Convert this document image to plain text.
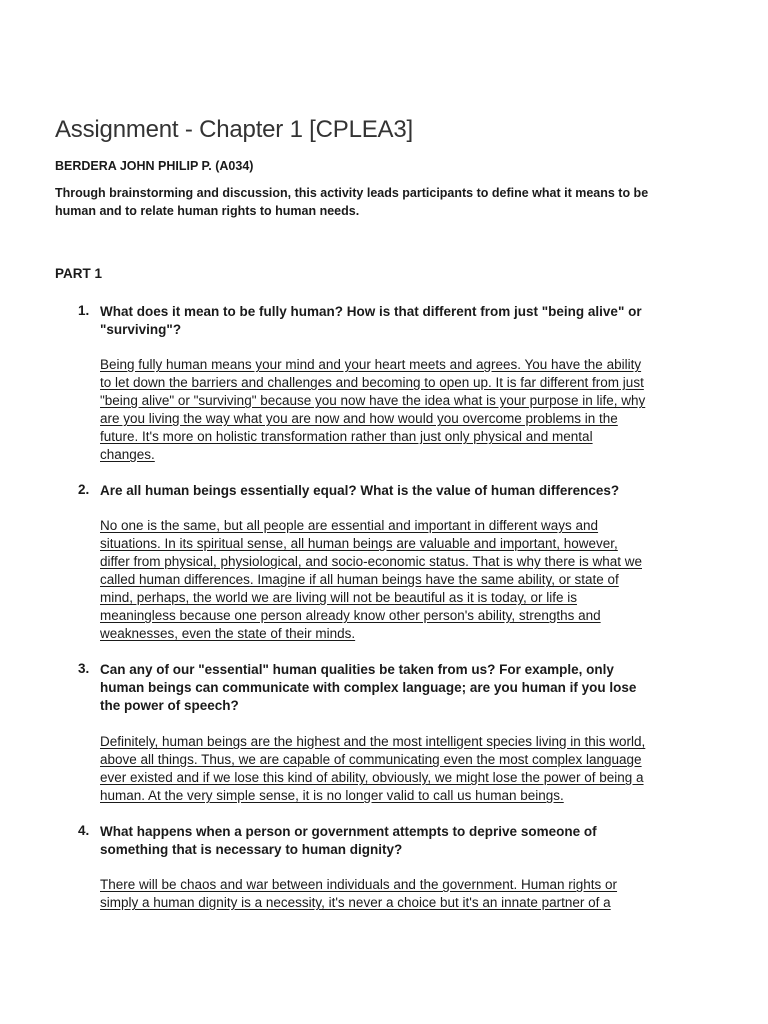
Assignment - Chapter 1 [CPLEA3]
BERDERA JOHN PHILIP P. (A034)
Through brainstorming and discussion, this activity leads participants to define what it means to be
human and to relate human rights to human needs.
PART 1
1. What does it mean to be fully human? How is that different from just "being alive" or
"surviving"?
Being fully human means your mind and your heart meets and agrees. You have the ability
to let down the barriers and challenges and becoming to open up. It is far different from just
"being alive" or "surviving" because you now have the idea what is your purpose in life, why
are you living the way what you are now and how would you overcome problems in the
future. It's more on holistic transformation rather than just only physical and mental
changes.
2. Are all human beings essentially equal? What is the value of human differences?
No one is the same, but all people are essential and important in different ways and
situations. In its spiritual sense, all human beings are valuable and important, however,
differ from physical, physiological, and socio-economic status. That is why there is what we
called human differences. Imagine if all human beings have the same ability, or state of
mind, perhaps, the world we are living will not be beautiful as it is today, or life is
meaningless because one person already know other person's ability, strengths and
weaknesses, even the state of their minds.
3. Can any of our "essential" human qualities be taken from us? For example, only
human beings can communicate with complex language; are you human if you lose
the power of speech?
Definitely, human beings are the highest and the most intelligent species living in this world,
above all things. Thus, we are capable of communicating even the most complex language
ever existed and if we lose this kind of ability, obviously, we might lose the power of being a
human. At the very simple sense, it is no longer valid to call us human beings.
4. What happens when a person or government attempts to deprive someone of
something that is necessary to human dignity?
There will be chaos and war between individuals and the government. Human rights or
simply a human dignity is a necessity, it's never a choice but it's an innate partner of a
